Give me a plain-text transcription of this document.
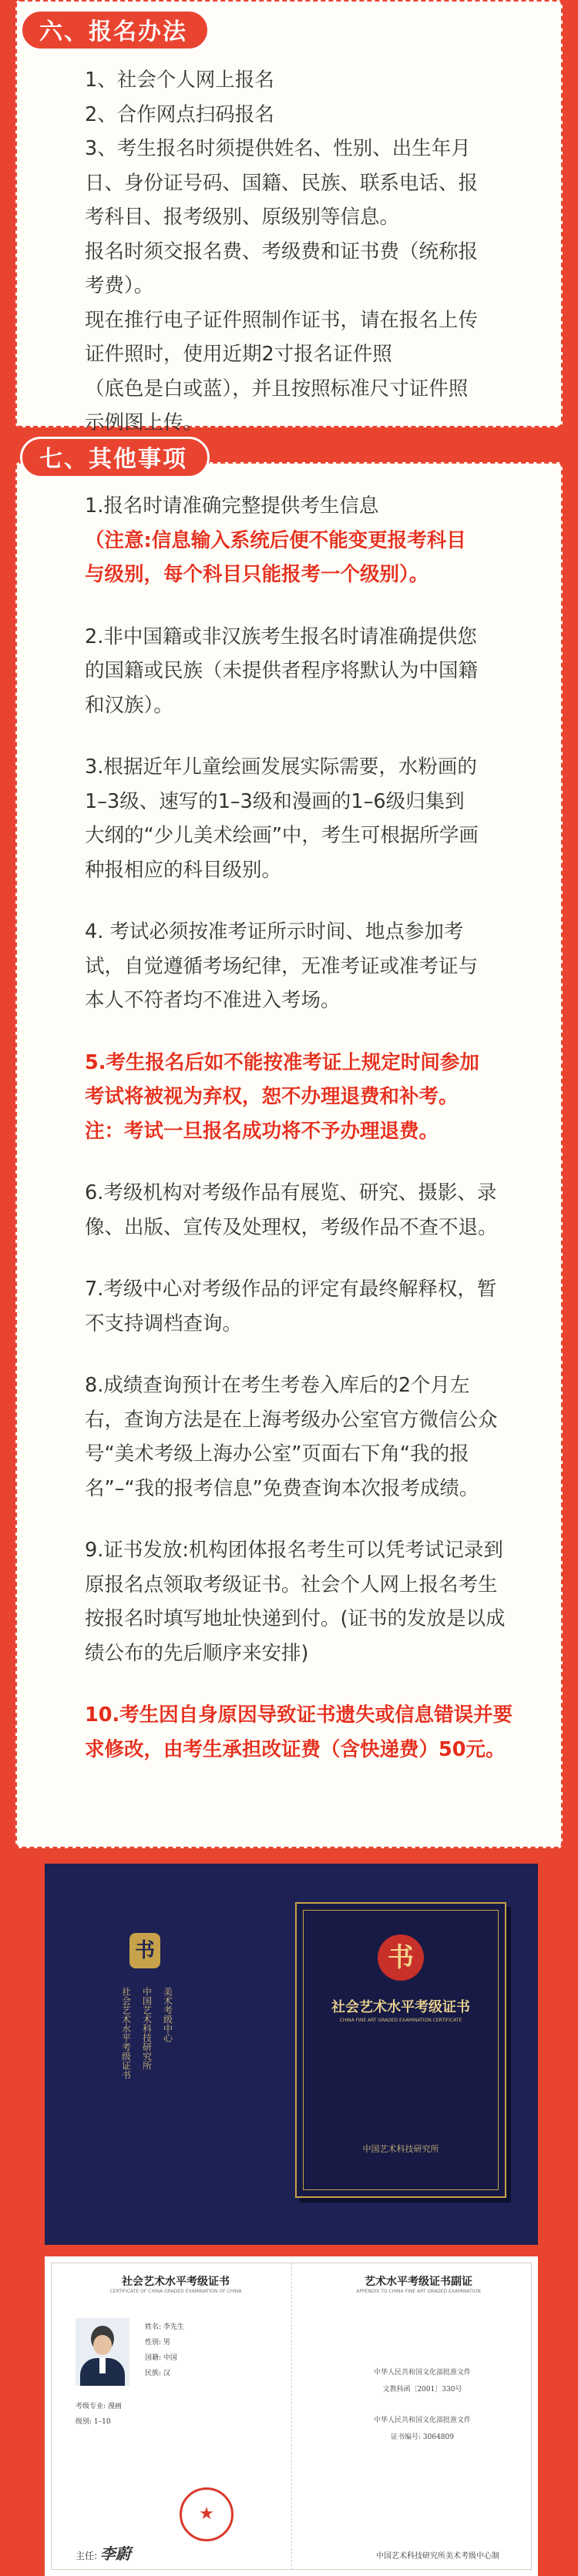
六、报名办法
1、社会个人网上报名
2、合作网点扫码报名
3、考生报名时须提供姓名、性别、出生年月
日、身份证号码、国籍、民族、联系电话、报
考科目、报考级别、原级别等信息。
报名时须交报名费、考级费和证书费（统称报
考费）。
现在推行电子证件照制作证书，请在报名上传
证件照时，使用近期2寸报名证件照
（底色是白或蓝），并且按照标准尺寸证件照
示例图上传。
七、其他事项
1.报名时请准确完整提供考生信息
（注意:信息输入系统后便不能变更报考科目
与级别，每个科目只能报考一个级别）。
2.非中国籍或非汉族考生报名时请准确提供您
的国籍或民族（未提供者程序将默认为中国籍
和汉族）。
3.根据近年儿童绘画发展实际需要，水粉画的
1–3级、速写的1–3级和漫画的1–6级归集到
大纲的“少儿美术绘画”中，考生可根据所学画
种报相应的科目级别。
4. 考试必须按准考证所示时间、地点参加考
试，自觉遵循考场纪律，无准考证或准考证与
本人不符者均不准进入考场。
5.考生报名后如不能按准考证上规定时间参加
考试将被视为弃权，恕不办理退费和补考。
注：考试一旦报名成功将不予办理退费。
6.考级机构对考级作品有展览、研究、摄影、录
像、出版、宣传及处理权，考级作品不查不退。
7.考级中心对考级作品的评定有最终解释权，暂
不支持调档查询。
8.成绩查询预计在考生考卷入库后的2个月左
右，查询方法是在上海考级办公室官方微信公众
号“美术考级上海办公室”页面右下角“我的报
名”–“我的报考信息”免费查询本次报考成绩。
9.证书发放:机构团体报名考生可以凭考试记录到
原报名点领取考级证书。社会个人网上报名考生
按报名时填写地址快递到付。(证书的发放是以成
绩公布的先后顺序来安排)
10.考生因自身原因导致证书遗失或信息错误并要
求修改，由考生承担改证费（含快递费）50元。
书
社会艺术水平考级证书 中国艺术科技研究所 美术考级中心
书
社会艺术水平考级证书
CHINA FINE ART GRADED EXAMINATION CERTIFICATE
中国艺术科技研究所
社会艺术水平考级证书
CERTIFICATE OF CHINA GRADED EXAMINATION OF CHINA
姓名: 李先生
性别: 男
国籍: 中国
民族: 汉
考级专业: 漫画
级别: 1–10
★
主任: 李蔚
艺术水平考级证书副证
APPENDIX TO CHINA FINE ART GRADED EXAMINATION
中华人民共和国文化部批准文件
文教科函〔2001〕330号
中华人民共和国文化部批准文件
证书编号: 3064809
中国艺术科技研究所美术考级中心制
